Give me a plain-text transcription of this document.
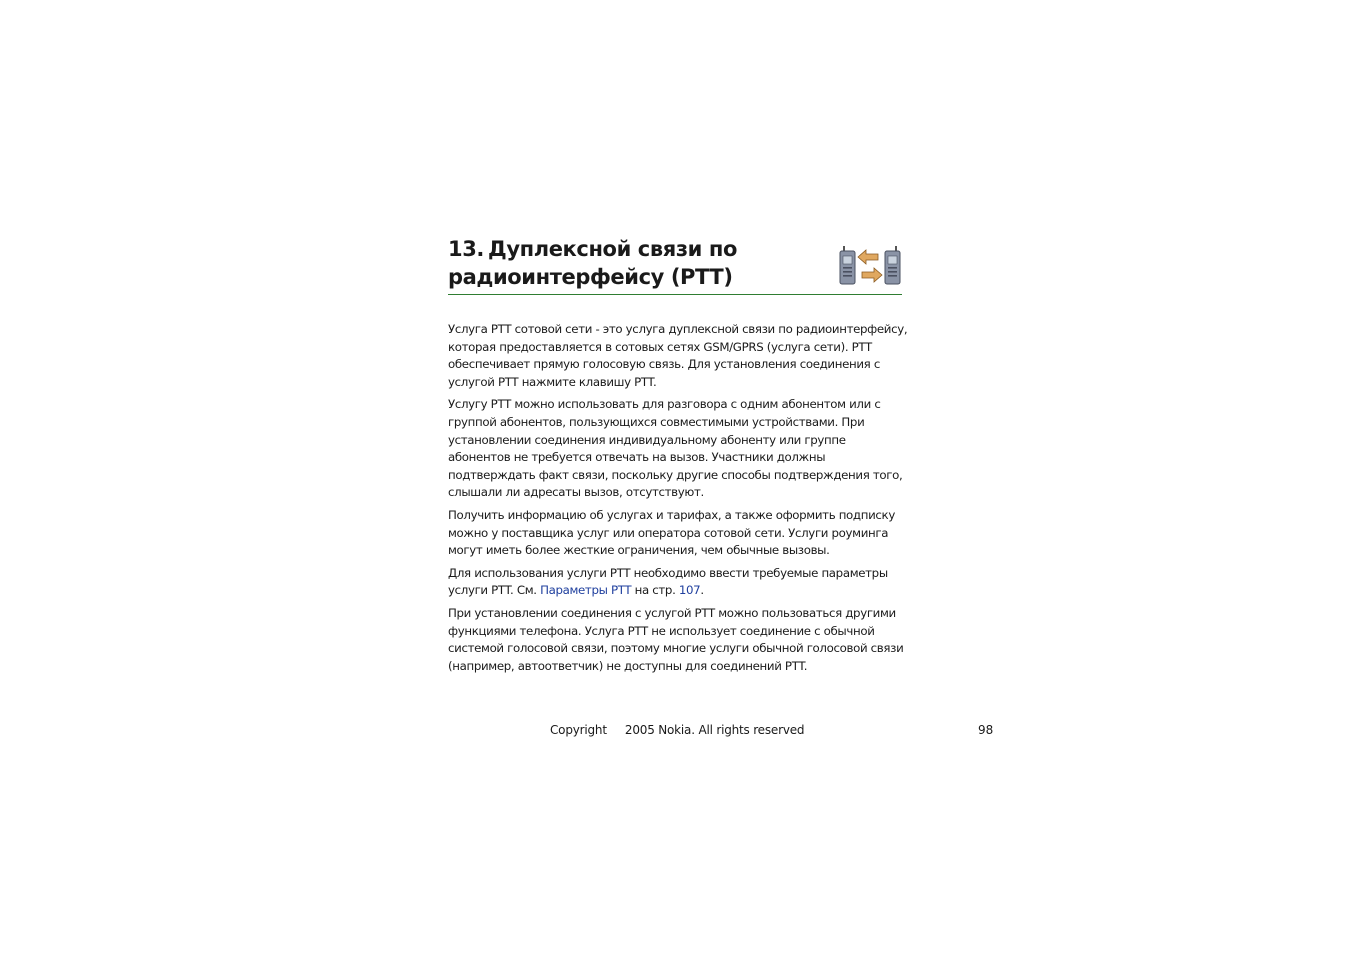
13. Дуплексной связи по
радиоинтерфейсу (PTT)

Услуга PTT сотовой сети - это услуга дуплексной связи по радиоинтерфейсу, которая предоставляется в сотовых сетях GSM/GPRS (услуга сети). PTT обеспечивает прямую голосовую связь. Для установления соединения с услугой PTT нажмите клавишу PTT.

Услугу PTT можно использовать для разговора с одним абонентом или с группой абонентов, пользующихся совместимыми устройствами. При установлении соединения индивидуальному абоненту или группе абонентов не требуется отвечать на вызов. Участники должны подтверждать факт связи, поскольку другие способы подтверждения того, слышали ли адресаты вызов, отсутствуют.

Получить информацию об услугах и тарифах, а также оформить подписку можно у поставщика услуг или оператора сотовой сети. Услуги роуминга могут иметь более жесткие ограничения, чем обычные вызовы.

Для использования услуги PTT необходимо ввести требуемые параметры услуги PTT. См. Параметры PTT на стр. 107.

При установлении соединения с услугой PTT можно пользоваться другими функциями телефона. Услуга PTT не использует соединение с обычной системой голосовой связи, поэтому многие услуги обычной голосовой связи (например, автоответчик) не доступны для соединений PTT.

Copyright     2005 Nokia. All rights reserved	98
